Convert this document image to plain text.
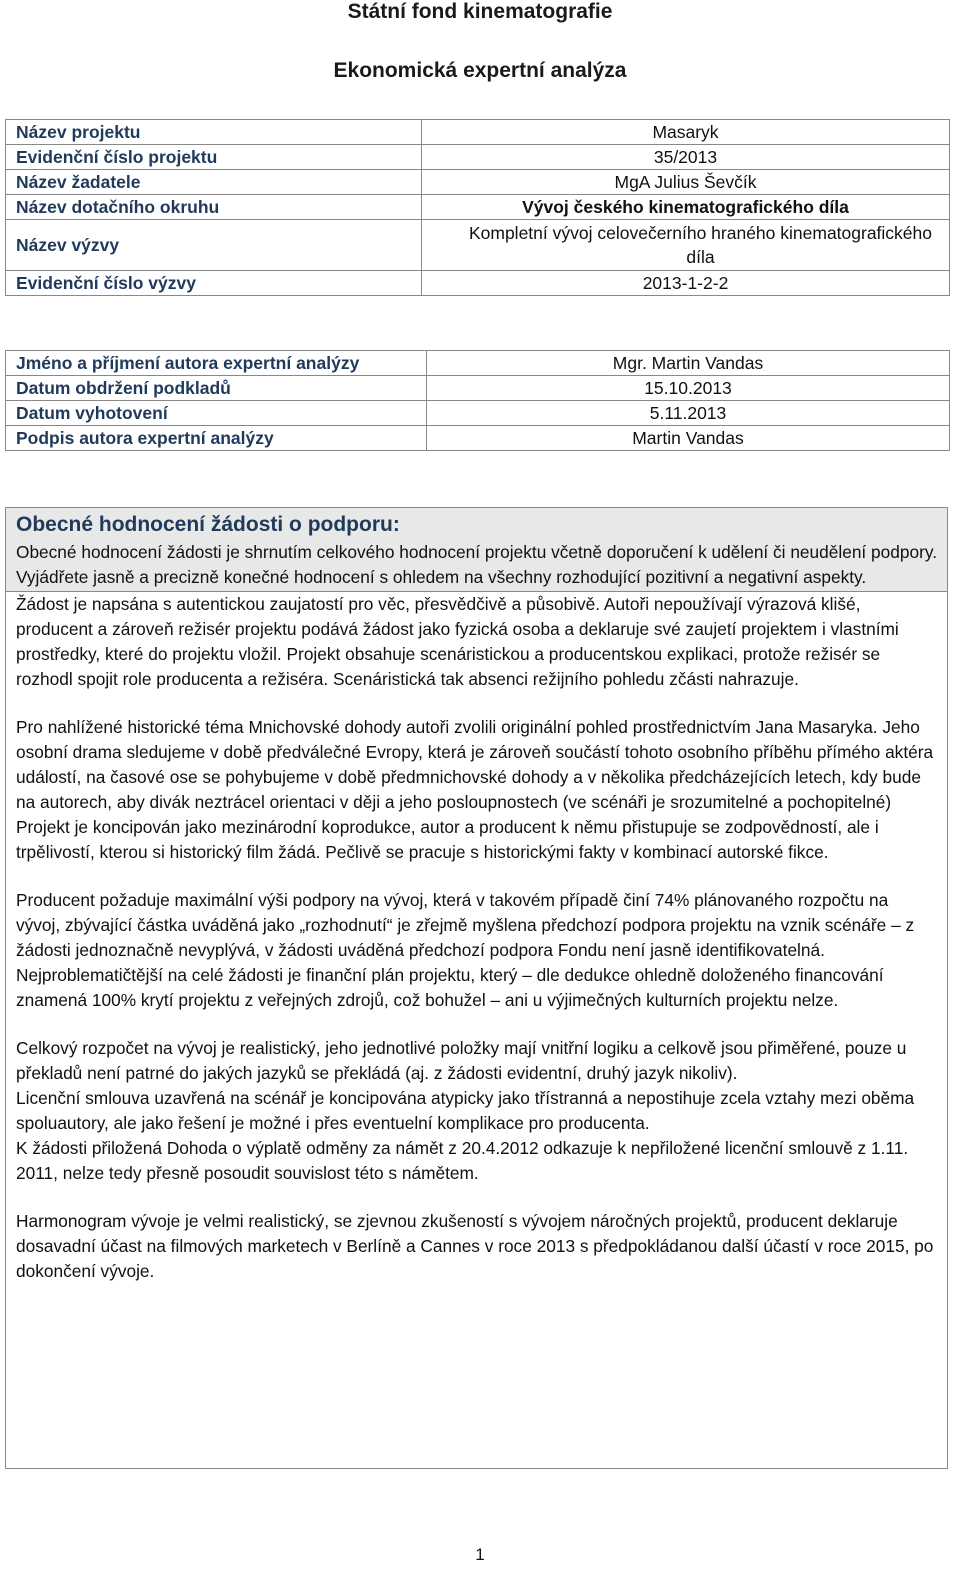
Státní fond kinematografie
Ekonomická expertní analýza
Název projektu	Masaryk
Evidenční číslo projektu	35/2013
Název žadatele	MgA Julius Ševčík
Název dotačního okruhu	Vývoj českého kinematografického díla
Název výzvy	Kompletní vývoj celovečerního hraného kinematografického díla
Evidenční číslo výzvy	2013-1-2-2
Jméno a příjmení autora expertní analýzy	Mgr. Martin Vandas
Datum obdržení podkladů	15.10.2013
Datum vyhotovení	5.11.2013
Podpis autora expertní analýzy	Martin Vandas
Obecné hodnocení žádosti o podporu:

Obecné hodnocení žádosti je shrnutím celkového hodnocení projektu včetně doporučení k udělení či neudělení podpory. Vyjádřete jasně a precizně konečné hodnocení s ohledem na všechny rozhodující pozitivní a negativní aspekty.

Žádost je napsána s autentickou zaujatostí pro věc, přesvědčivě a působivě. Autoři nepoužívají výrazová klišé, producent a zároveň režisér projektu podává žádost jako fyzická osoba a deklaruje své zaujetí projektem i vlastními prostředky, které do projektu vložil. Projekt obsahuje scenáristickou a producentskou explikaci, protože režisér se rozhodl spojit role producenta a režiséra. Scenáristická tak absenci režijního pohledu zčásti nahrazuje.

Pro nahlížené historické téma Mnichovské dohody autoři zvolili originální pohled prostřednictvím Jana Masaryka. Jeho osobní drama sledujeme v době předválečné Evropy, která je zároveň součástí tohoto osobního příběhu přímého aktéra událostí, na časové ose se pohybujeme v době předmnichovské dohody a v několika předcházejících letech, kdy bude na autorech, aby divák neztrácel orientaci v ději a jeho posloupnostech (ve scénáři je srozumitelné a pochopitelné)
Projekt je koncipován jako mezinárodní koprodukce, autor a producent k němu přistupuje se zodpovědností, ale i trpělivostí, kterou si historický film žádá. Pečlivě se pracuje s historickými fakty v kombinací autorské fikce.

Producent požaduje maximální výši podpory na vývoj, která v takovém případě činí 74% plánovaného rozpočtu na vývoj, zbývající částka uváděná jako „rozhodnutí“ je zřejmě myšlena předchozí podpora projektu na vznik scénáře – z žádosti jednoznačně nevyplývá, v žádosti uváděná předchozí podpora Fondu není jasně identifikovatelná. Nejproblematičtější na celé žádosti je finanční plán projektu, který – dle dedukce ohledně doloženého financování znamená 100% krytí projektu z veřejných zdrojů, což bohužel – ani u výjimečných kulturních projektu nelze.

Celkový rozpočet na vývoj je realistický, jeho jednotlivé položky mají vnitřní logiku a celkově jsou přiměřené, pouze u překladů není patrné do jakých jazyků se překládá (aj. z žádosti evidentní, druhý jazyk nikoliv).
Licenční smlouva uzavřená na scénář je koncipována atypicky jako třístranná a nepostihuje zcela vztahy mezi oběma spoluautory, ale jako řešení je možné i přes eventuelní komplikace pro producenta.
K žádosti přiložená Dohoda o výplatě odměny za námět z 20.4.2012 odkazuje k nepřiložené licenční smlouvě z 1.11. 2011, nelze tedy přesně posoudit souvislost této s námětem.

Harmonogram vývoje je velmi realistický, se zjevnou zkušeností s vývojem náročných projektů, producent deklaruje dosavadní účast na filmových marketech v Berlíně a Cannes v roce 2013 s předpokládanou další účastí v roce 2015, po dokončení vývoje.

1
